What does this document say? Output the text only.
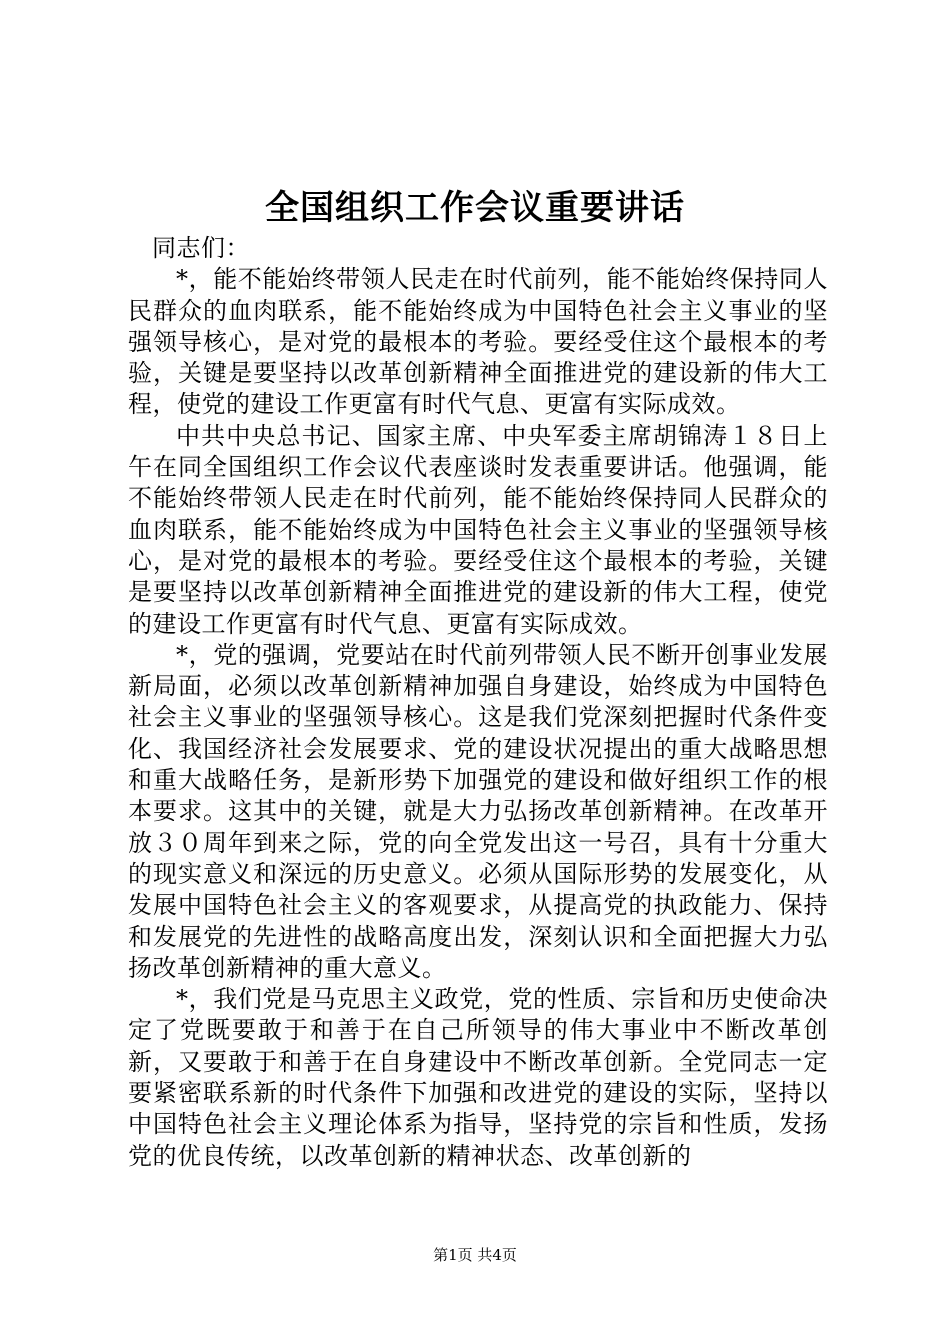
全国组织工作会议重要讲话

同志们：

*，能不能始终带领人民走在时代前列，能不能始终保持同人民群众的血肉联系，能不能始终成为中国特色社会主义事业的坚强领导核心，是对党的最根本的考验。要经受住这个最根本的考验，关键是要坚持以改革创新精神全面推进党的建设新的伟大工程，使党的建设工作更富有时代气息、更富有实际成效。

中共中央总书记、国家主席、中央军委主席胡锦涛１８日上午在同全国组织工作会议代表座谈时发表重要讲话。他强调，能不能始终带领人民走在时代前列，能不能始终保持同人民群众的血肉联系，能不能始终成为中国特色社会主义事业的坚强领导核心，是对党的最根本的考验。要经受住这个最根本的考验，关键是要坚持以改革创新精神全面推进党的建设新的伟大工程，使党的建设工作更富有时代气息、更富有实际成效。

*，党的强调，党要站在时代前列带领人民不断开创事业发展新局面，必须以改革创新精神加强自身建设，始终成为中国特色社会主义事业的坚强领导核心。这是我们党深刻把握时代条件变化、我国经济社会发展要求、党的建设状况提出的重大战略思想和重大战略任务，是新形势下加强党的建设和做好组织工作的根本要求。这其中的关键，就是大力弘扬改革创新精神。在改革开放３０周年到来之际，党的向全党发出这一号召，具有十分重大的现实意义和深远的历史意义。必须从国际形势的发展变化，从发展中国特色社会主义的客观要求，从提高党的执政能力、保持和发展党的先进性的战略高度出发，深刻认识和全面把握大力弘扬改革创新精神的重大意义。

*，我们党是马克思主义政党，党的性质、宗旨和历史使命决定了党既要敢于和善于在自己所领导的伟大事业中不断改革创新，又要敢于和善于在自身建设中不断改革创新。全党同志一定要紧密联系新的时代条件下加强和改进党的建设的实际，坚持以中国特色社会主义理论体系为指导，坚持党的宗旨和性质，发扬党的优良传统，以改革创新的精神状态、改革创新的

第1页 共4页
